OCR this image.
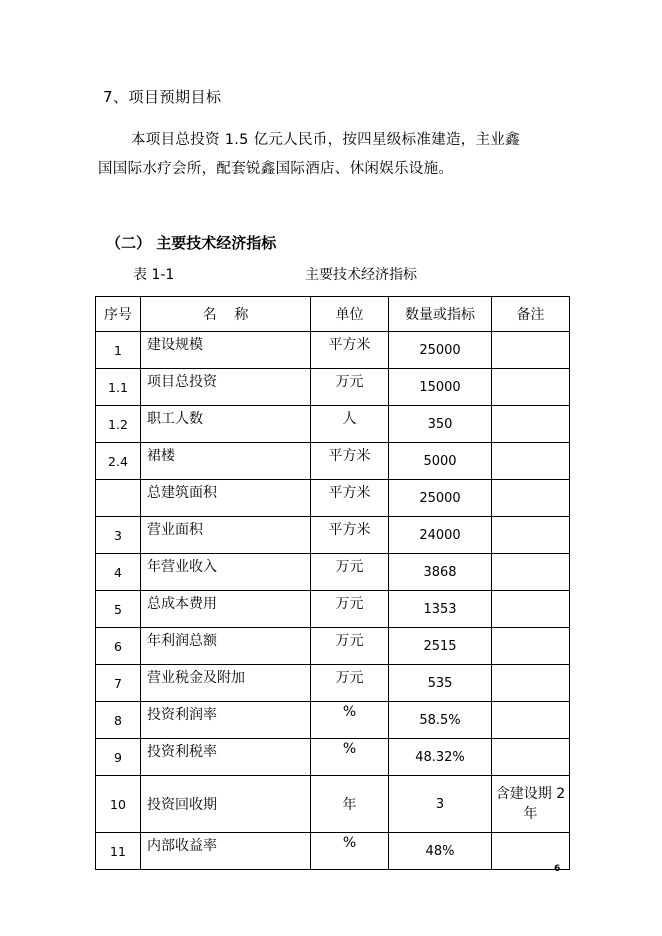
7、项目预期目标
本项目总投资 1.5 亿元人民币，按四星级标准建造，主业鑫
国国际水疗会所，配套锐鑫国际酒店、休闲娱乐设施。
（二） 主要技术经济指标
表 1-1	主要技术经济指标
序号	名    称	单位	数量或指标	备注
1	建设规模	平方米	25000	
1.1	项目总投资	万元	15000	
1.2	职工人数	人	350	
2.4	裙楼	平方米	5000	
	总建筑面积	平方米	25000	
3	营业面积	平方米	24000	
4	年营业收入	万元	3868	
5	总成本费用	万元	1353	
6	年利润总额	万元	2515	
7	营业税金及附加	万元	535	
8	投资利润率	%	58.5%	
9	投资利税率	%	48.32%	
10	投资回收期	年	3	含建设期 2 年
11	内部收益率	%	48%	
6
